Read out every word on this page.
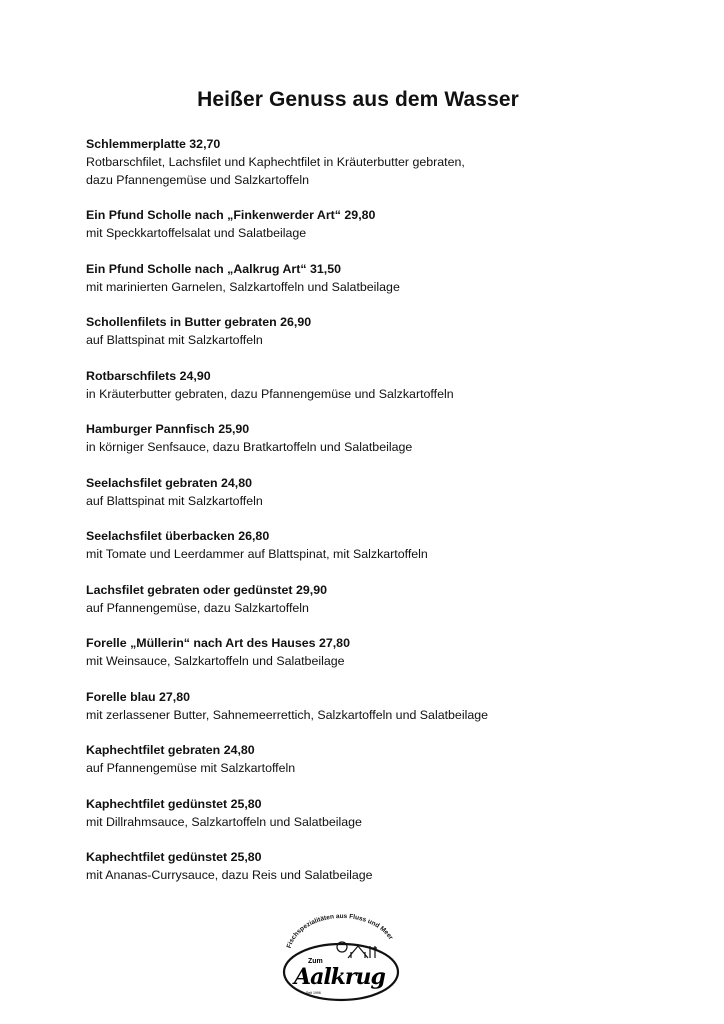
Heißer Genuss aus dem Wasser
Schlemmerplatte 32,70
Rotbarschfilet, Lachsfilet und Kaphechtfilet in Kräuterbutter gebraten,
dazu Pfannengemüse und Salzkartoffeln
Ein Pfund Scholle nach „Finkenwerder Art“ 29,80
mit Speckkartoffelsalat und Salatbeilage
Ein Pfund Scholle nach „Aalkrug Art“ 31,50
mit marinierten Garnelen, Salzkartoffeln und Salatbeilage
Schollenfilets in Butter gebraten 26,90
auf Blattspinat mit Salzkartoffeln
Rotbarschfilets 24,90
in Kräuterbutter gebraten, dazu Pfannengemüse und Salzkartoffeln
Hamburger Pannfisch 25,90
in körniger Senfsauce, dazu Bratkartoffeln und Salatbeilage
Seelachsfilet gebraten 24,80
auf Blattspinat mit Salzkartoffeln
Seelachsfilet überbacken 26,80
mit Tomate und Leerdammer auf Blattspinat, mit Salzkartoffeln
Lachsfilet gebraten oder gedünstet 29,90
auf Pfannengemüse, dazu Salzkartoffeln
Forelle „Müllerin“ nach Art des Hauses 27,80
mit Weinsauce, Salzkartoffeln und Salatbeilage
Forelle blau 27,80
mit zerlassener Butter, Sahnemeerrettich, Salzkartoffeln und Salatbeilage
Kaphechtfilet gebraten 24,80
auf Pfannengemüse mit Salzkartoffeln
Kaphechtfilet gedünstet 25,80
mit Dillrahmsauce, Salzkartoffeln und Salatbeilage
Kaphechtfilet gedünstet 25,80
mit Ananas-Currysauce, dazu Reis und Salatbeilage
Fischspezialitäten aus Fluss und Meer
Zum
Aalkrug
Seit 1996
